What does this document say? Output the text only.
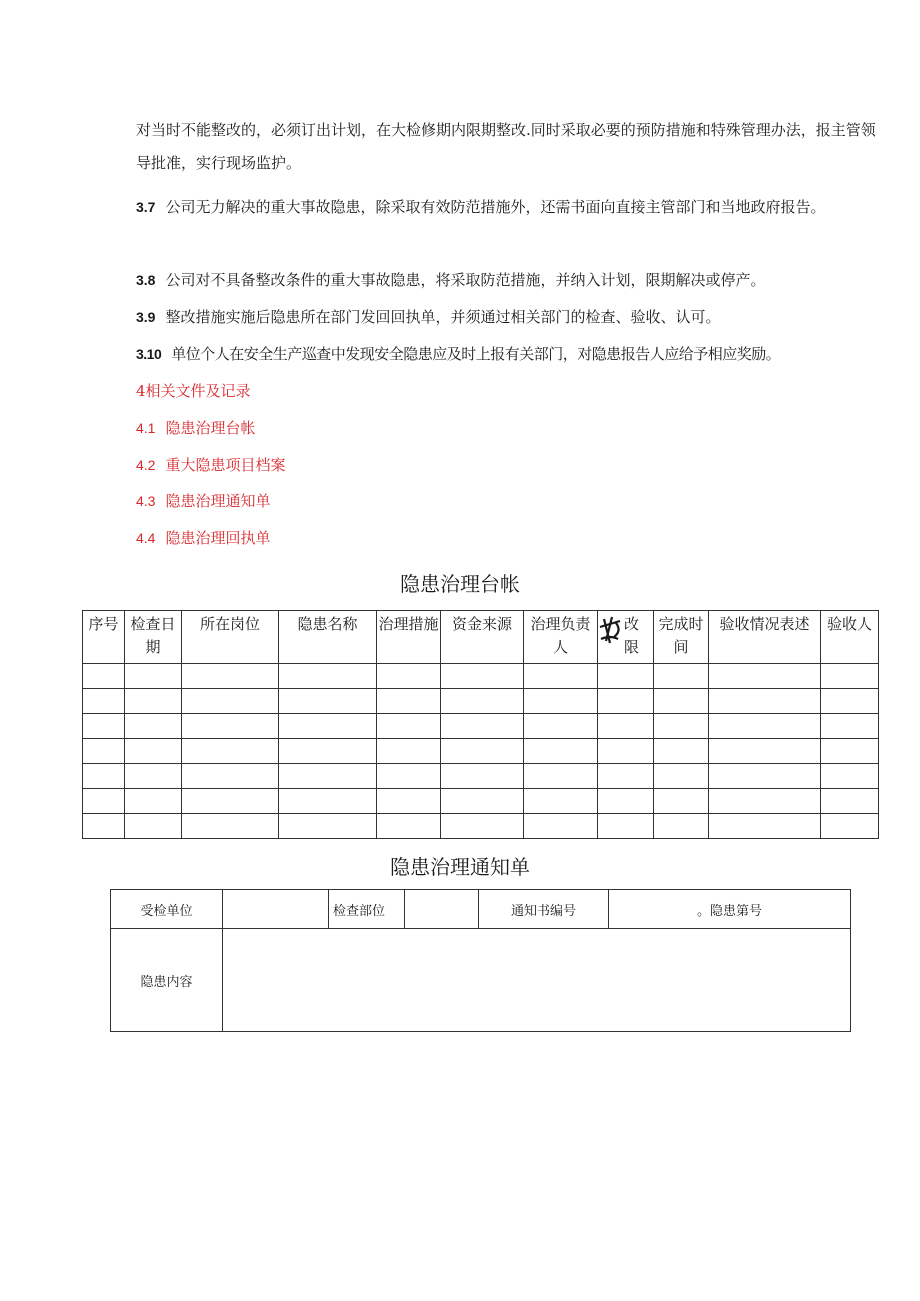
对当时不能整改的，必须订出计划，在大检修期内限期整改.同时采取必要的预防措施和特殊管理办法，报主管领导批准，实行现场监护。
3.7 公司无力解决的重大事故隐患，除采取有效防范措施外，还需书面向直接主管部门和当地政府报告。
3.8 公司对不具备整改条件的重大事故隐患，将采取防范措施，并纳入计划，限期解决或停产。
3.9 整改措施实施后隐患所在部门发回回执单，并须通过相关部门的检查、验收、认可。
3.10 单位个人在安全生产巡查中发现安全隐患应及时上报有关部门，对隐患报告人应给予相应奖励。
4相关文件及记录
4.1 隐患治理台帐
4.2 重大隐患项目档案
4.3 隐患治理通知单
4.4 隐患治理回执单
隐患治理台帐
序号	检查日期	所在岗位	隐患名称	治理措施	资金来源	治理负责人	改限	完成时间	验收情况表述	验收人

隐患治理通知单
受检单位		检查部位		通知书编号	。隐患第号
隐患内容					
